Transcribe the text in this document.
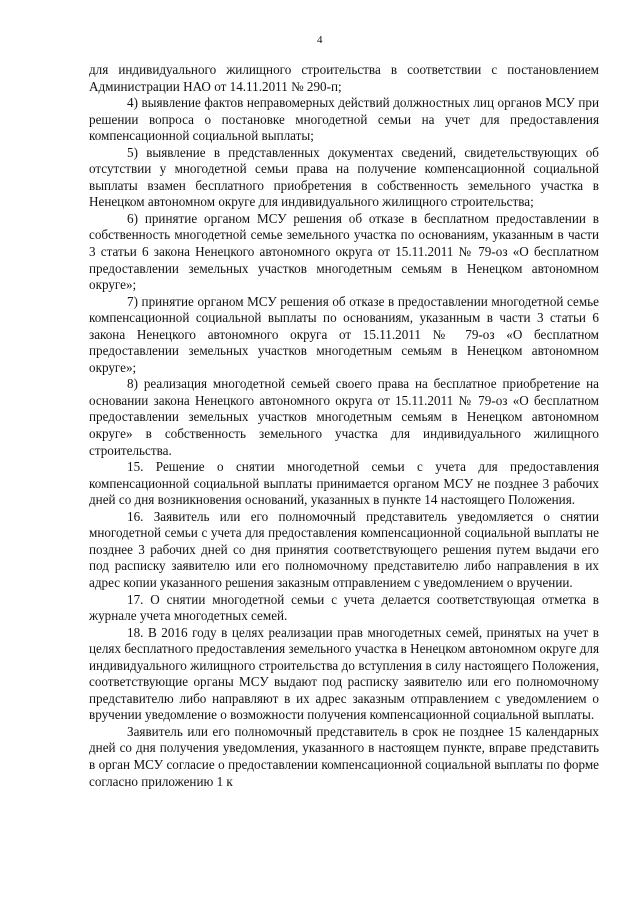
4

для индивидуального жилищного строительства в соответствии с постановлением Администрации НАО от 14.11.2011 № 290-п;

4) выявление фактов неправомерных действий должностных лиц органов МСУ при решении вопроса о постановке многодетной семьи на учет для предоставления компенсационной социальной выплаты;

5) выявление в представленных документах сведений, свидетельствующих об отсутствии у многодетной семьи права на получение компенсационной социальной выплаты взамен бесплатного приобретения в собственность земельного участка в Ненецком автономном округе для индивидуального жилищного строительства;

6) принятие органом МСУ решения об отказе в бесплатном предоставлении в собственность многодетной семье земельного участка по основаниям, указанным в части 3 статьи 6 закона Ненецкого автономного округа от 15.11.2011 № 79-оз «О бесплатном предоставлении земельных участков многодетным семьям в Ненецком автономном округе»;

7) принятие органом МСУ решения об отказе в предоставлении многодетной семье компенсационной социальной выплаты по основаниям, указанным в части 3 статьи 6 закона Ненецкого автономного округа от 15.11.2011 № 79-оз «О бесплатном предоставлении земельных участков многодетным семьям в Ненецком автономном округе»;

8) реализация многодетной семьей своего права на бесплатное приобретение на основании закона Ненецкого автономного округа от 15.11.2011 № 79-оз «О бесплатном предоставлении земельных участков многодетным семьям в Ненецком автономном округе» в собственность земельного участка для индивидуального жилищного строительства.

15. Решение о снятии многодетной семьи с учета для предоставления компенсационной социальной выплаты принимается органом МСУ не позднее 3 рабочих дней со дня возникновения оснований, указанных в пункте 14 настоящего Положения.

16. Заявитель или его полномочный представитель уведомляется о снятии многодетной семьи с учета для предоставления компенсационной социальной выплаты не позднее 3 рабочих дней со дня принятия соответствующего решения путем выдачи его под расписку заявителю или его полномочному представителю либо направления в их адрес копии указанного решения заказным отправлением с уведомлением о вручении.

17. О снятии многодетной семьи с учета делается соответствующая отметка в журнале учета многодетных семей.

18. В 2016 году в целях реализации прав многодетных семей, принятых на учет в целях бесплатного предоставления земельного участка в Ненецком автономном округе для индивидуального жилищного строительства до вступления в силу настоящего Положения, соответствующие органы МСУ выдают под расписку заявителю или его полномочному представителю либо направляют в их адрес заказным отправлением с уведомлением о вручении уведомление о возможности получения компенсационной социальной выплаты.

Заявитель или его полномочный представитель в срок не позднее 15 календарных дней со дня получения уведомления, указанного в настоящем пункте, вправе представить в орган МСУ согласие о предоставлении компенсационной социальной выплаты по форме согласно приложению 1 к
